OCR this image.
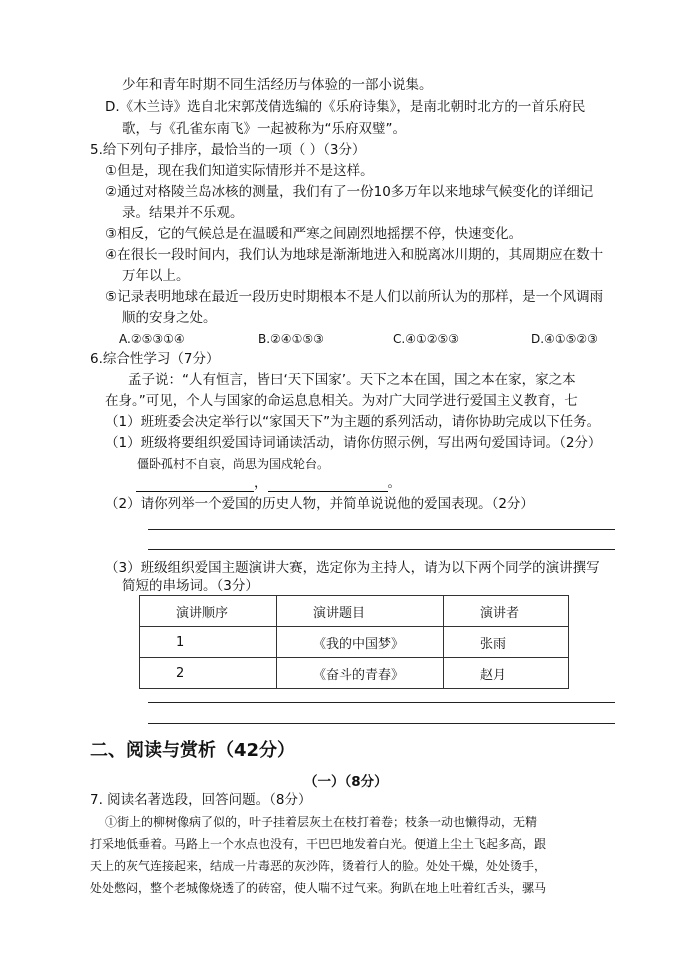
少年和青年时期不同生活经历与体验的一部小说集。
D.《木兰诗》选自北宋郭茂倩选编的《乐府诗集》，是南北朝时北方的一首乐府民
歌，与《孔雀东南飞》一起被称为“乐府双璧”。
5.给下列句子排序，最恰当的一项（ ）（3分）
①但是，现在我们知道实际情形并不是这样。
②通过对格陵兰岛冰核的测量，我们有了一份10多万年以来地球气候变化的详细记
录。结果并不乐观。
③相反，它的气候总是在温暖和严寒之间剧烈地摇摆不停，快速变化。
④在很长一段时间内，我们认为地球是渐渐地进入和脱离冰川期的，其周期应在数十
万年以上。
⑤记录表明地球在最近一段历史时期根本不是人们以前所认为的那样，是一个风调雨
顺的安身之处。
A.②⑤③①④	B.②④①⑤③	C.④①②⑤③	D.④①⑤②③
6.综合性学习（7分）
孟子说：“人有恒言，皆曰‘天下国家’。天下之本在国，国之本在家，家之本
在身。”可见，个人与国家的命运息息相关。为对广大同学进行爱国主义教育，七
（1）班班委会决定举行以“家国天下”为主题的系列活动，请你协助完成以下任务。
（1）班级将要组织爱国诗词诵读活动，请你仿照示例，写出两句爱国诗词。（2分）
僵卧孤村不自哀，尚思为国戍轮台。
，	。
（2）请你列举一个爱国的历史人物，并简单说说他的爱国表现。（2分）
（3）班级组织爱国主题演讲大赛，选定你为主持人，请为以下两个同学的演讲撰写
简短的串场词。（3分）
演讲顺序	演讲题目	演讲者
1	《我的中国梦》	张雨
2	《奋斗的青春》	赵月
二、阅读与赏析（42分）
（一）（8分）
7. 阅读名著选段，回答问题。（8分）
①街上的柳树像病了似的，叶子挂着层灰土在枝打着卷；枝条一动也懒得动，无精
打采地低垂着。马路上一个水点也没有，干巴巴地发着白光。便道上尘土飞起多高，跟
天上的灰气连接起来，结成一片毒恶的灰沙阵，烫着行人的脸。处处干燥，处处烫手，
处处憋闷，整个老城像烧透了的砖窑，使人喘不过气来。狗趴在地上吐着红舌头，骡马
